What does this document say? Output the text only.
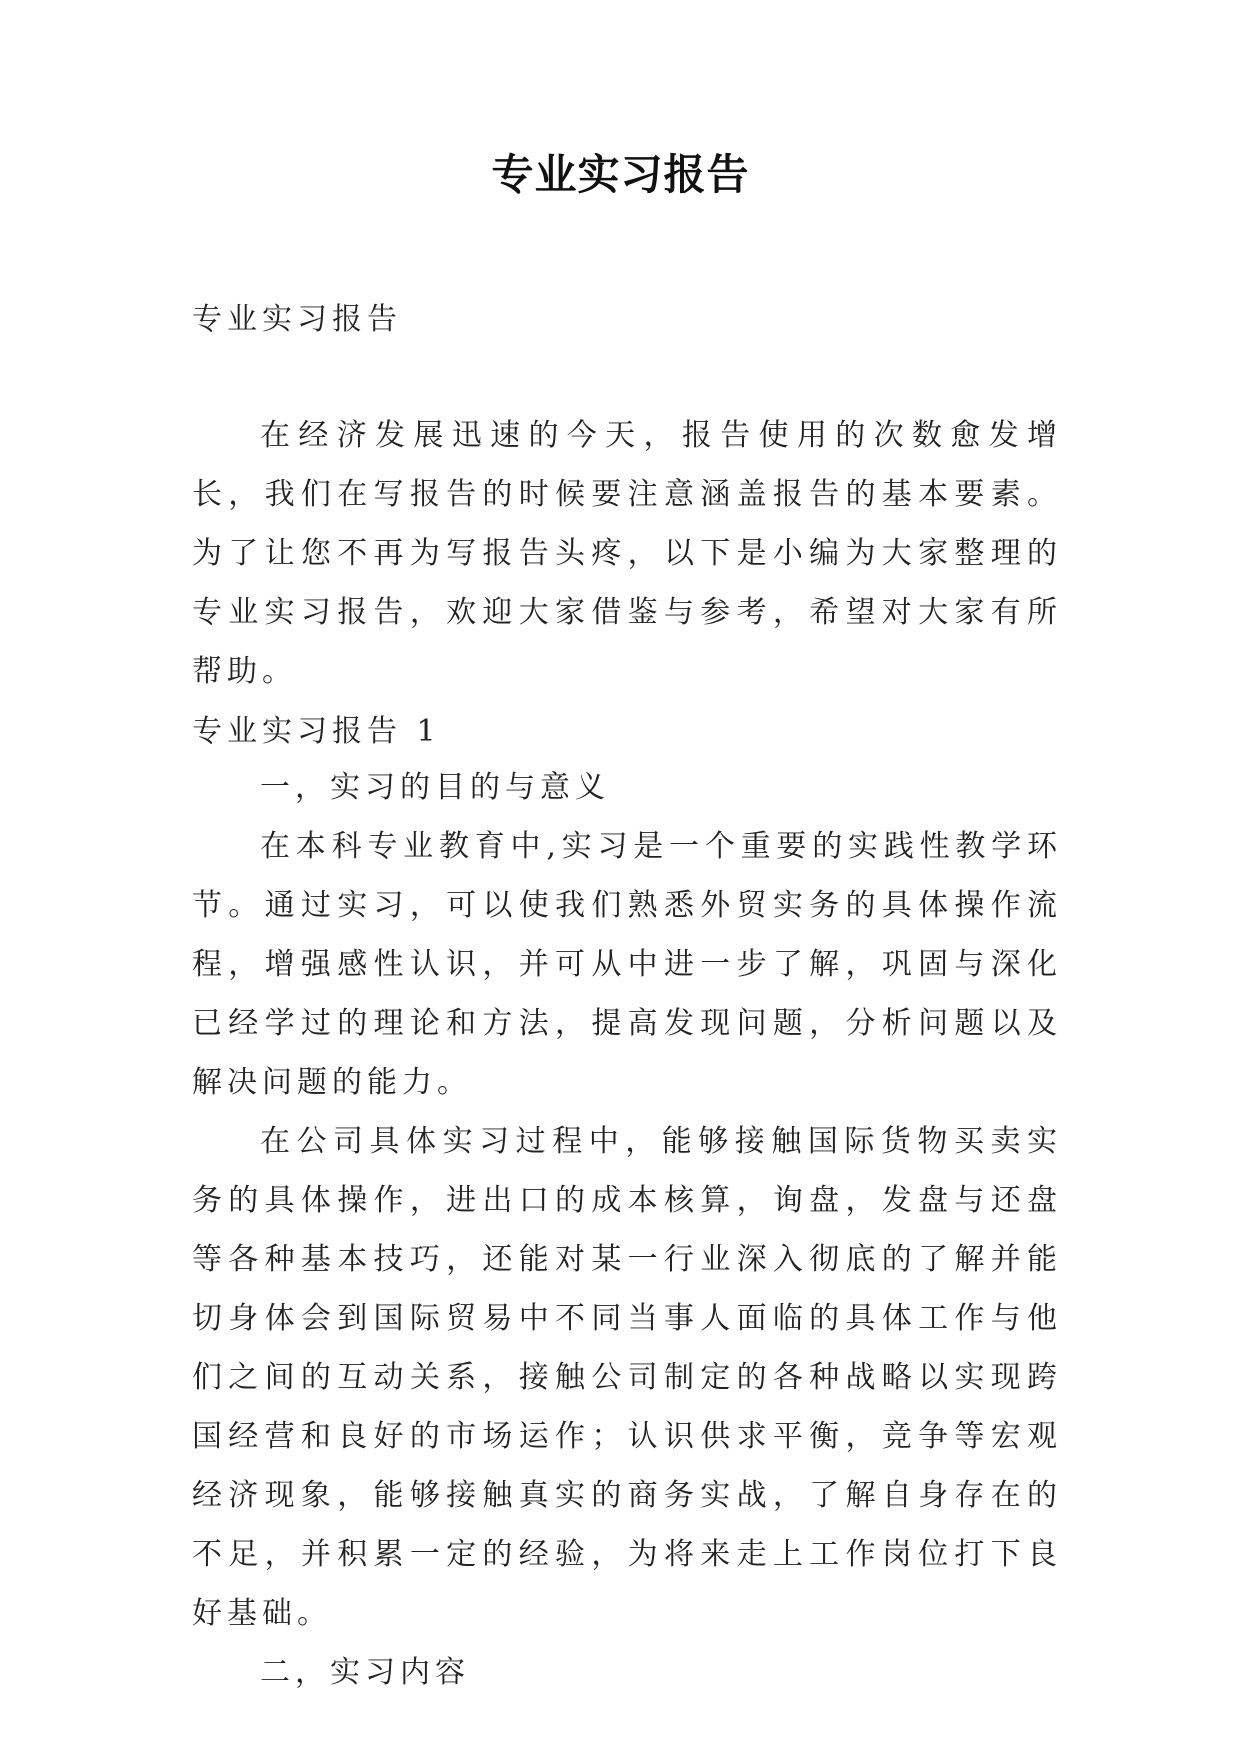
专业实习报告
专业实习报告
在经济发展迅速的今天，报告使用的次数愈发增长，我们在写报告的时候要注意涵盖报告的基本要素。为了让您不再为写报告头疼，以下是小编为大家整理的专业实习报告，欢迎大家借鉴与参考，希望对大家有所帮助。
专业实习报告 1

一，实习的目的与意义

在本科专业教育中,实习是一个重要的实践性教学环节。通过实习，可以使我们熟悉外贸实务的具体操作流程，增强感性认识，并可从中进一步了解，巩固与深化已经学过的理论和方法，提高发现问题，分析问题以及解决问题的能力。

在公司具体实习过程中，能够接触国际货物买卖实务的具体操作，进出口的成本核算，询盘，发盘与还盘等各种基本技巧，还能对某一行业深入彻底的了解并能切身体会到国际贸易中不同当事人面临的具体工作与他们之间的互动关系，接触公司制定的各种战略以实现跨国经营和良好的市场运作；认识供求平衡，竞争等宏观经济现象，能够接触真实的商务实战，了解自身存在的不足，并积累一定的经验，为将来走上工作岗位打下良好基础。

二，实习内容
